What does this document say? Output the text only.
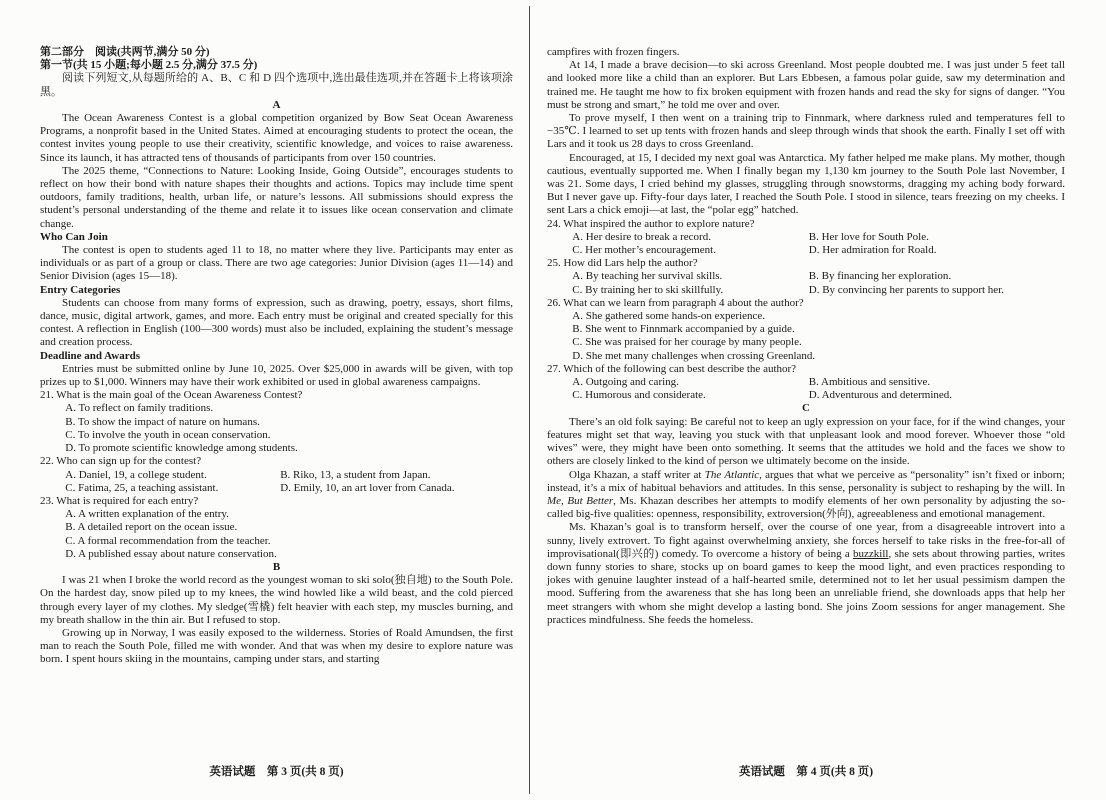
第二部分　阅读(共两节,满分 50 分)

第一节(共 15 小题;每小题 2.5 分,满分 37.5 分)

阅读下列短文,从每题所给的 A、B、C 和 D 四个选项中,选出最佳选项,并在答题卡上将该项涂黑。

A

The Ocean Awareness Contest is a global competition organized by Bow Seat Ocean Awareness Programs, a nonprofit based in the United States. Aimed at encouraging students to protect the ocean, the contest invites young people to use their creativity, scientific knowledge, and voices to raise awareness. Since its launch, it has attracted tens of thousands of participants from over 150 countries.

The 2025 theme, “Connections to Nature: Looking Inside, Going Outside”, encourages students to reflect on how their bond with nature shapes their thoughts and actions. Topics may include time spent outdoors, family traditions, health, urban life, or nature’s lessons. All submissions should express the student’s personal understanding of the theme and relate it to issues like ocean conservation and climate change.

Who Can Join

The contest is open to students aged 11 to 18, no matter where they live. Participants may enter as individuals or as part of a group or class. There are two age categories: Junior Division (ages 11—14) and Senior Division (ages 15—18).

Entry Categories

Students can choose from many forms of expression, such as drawing, poetry, essays, short films, dance, music, digital artwork, games, and more. Each entry must be original and created specially for this contest. A reflection in English (100—300 words) must also be included, explaining the student’s message and creation process.

Deadline and Awards

Entries must be submitted online by June 10, 2025. Over $25,000 in awards will be given, with top prizes up to $1,000. Winners may have their work exhibited or used in global awareness campaigns.

21. What is the main goal of the Ocean Awareness Contest?

A. To reflect on family traditions.

B. To show the impact of nature on humans.

C. To involve the youth in ocean conservation.

D. To promote scientific knowledge among students.

22. Who can sign up for the contest?

A. Daniel, 19, a college student.	B. Riko, 13, a student from Japan.

C. Fatima, 25, a teaching assistant.	D. Emily, 10, an art lover from Canada.

23. What is required for each entry?

A. A written explanation of the entry.

B. A detailed report on the ocean issue.

C. A formal recommendation from the teacher.

D. A published essay about nature conservation.

B

I was 21 when I broke the world record as the youngest woman to ski solo(独自地) to the South Pole. On the hardest day, snow piled up to my knees, the wind howled like a wild beast, and the cold pierced through every layer of my clothes. My sledge(雪橇) felt heavier with each step, my muscles burning, and my breath shallow in the thin air. But I refused to stop.

Growing up in Norway, I was easily exposed to the wilderness. Stories of Roald Amundsen, the first man to reach the South Pole, filled me with wonder. And that was when my desire to explore nature was born. I spent hours skiing in the mountains, camping under stars, and starting

campfires with frozen fingers.

At 14, I made a brave decision—to ski across Greenland. Most people doubted me. I was just under 5 feet tall and looked more like a child than an explorer. But Lars Ebbesen, a famous polar guide, saw my determination and trained me. He taught me how to fix broken equipment with frozen hands and read the sky for signs of danger. “You must be strong and smart,” he told me over and over.

To prove myself, I then went on a training trip to Finnmark, where darkness ruled and temperatures fell to −35℃. I learned to set up tents with frozen hands and sleep through winds that shook the earth. Finally I set off with Lars and it took us 28 days to cross Greenland.

Encouraged, at 15, I decided my next goal was Antarctica. My father helped me make plans. My mother, though cautious, eventually supported me. When I finally began my 1,130 km journey to the South Pole last November, I was 21. Some days, I cried behind my glasses, struggling through snowstorms, dragging my aching body forward. But I never gave up. Fifty-four days later, I reached the South Pole. I stood in silence, tears freezing on my cheeks. I sent Lars a chick emoji—at last, the “polar egg” hatched.

24. What inspired the author to explore nature?

A. Her desire to break a record.	B. Her love for South Pole.

C. Her mother’s encouragement.	D. Her admiration for Roald.

25. How did Lars help the author?

A. By teaching her survival skills.	B. By financing her exploration.

C. By training her to ski skillfully.	D. By convincing her parents to support her.

26. What can we learn from paragraph 4 about the author?

A. She gathered some hands-on experience.

B. She went to Finnmark accompanied by a guide.

C. She was praised for her courage by many people.

D. She met many challenges when crossing Greenland.

27. Which of the following can best describe the author?

A. Outgoing and caring.	B. Ambitious and sensitive.

C. Humorous and considerate.	D. Adventurous and determined.

C

There’s an old folk saying: Be careful not to keep an ugly expression on your face, for if the wind changes, your features might set that way, leaving you stuck with that unpleasant look and mood forever. Whoever those “old wives” were, they might have been onto something. It seems that the attitudes we hold and the faces we show to others are closely linked to the kind of person we ultimately become on the inside.

Olga Khazan, a staff writer at The Atlantic, argues that what we perceive as “personality” isn’t fixed or inborn; instead, it’s a mix of habitual behaviors and attitudes. In this sense, personality is subject to reshaping by the will. In Me, But Better, Ms. Khazan describes her attempts to modify elements of her own personality by adjusting the so-called big-five qualities: openness, responsibility, extroversion(外向), agreeableness and emotional management.

Ms. Khazan’s goal is to transform herself, over the course of one year, from a disagreeable introvert into a sunny, lively extrovert. To fight against overwhelming anxiety, she forces herself to take risks in the free-for-all of improvisational(即兴的) comedy. To overcome a history of being a buzzkill, she sets about throwing parties, writes down funny stories to share, stocks up on board games to keep the mood light, and even practices responding to jokes with genuine laughter instead of a half-hearted smile, determined not to let her usual pessimism dampen the mood. Suffering from the awareness that she has long been an unreliable friend, she downloads apps that help her meet strangers with whom she might develop a lasting bond. She joins Zoom sessions for anger management. She practices mindfulness. She feeds the homeless.

英语试题　第 3 页(共 8 页)	英语试题　第 4 页(共 8 页)
